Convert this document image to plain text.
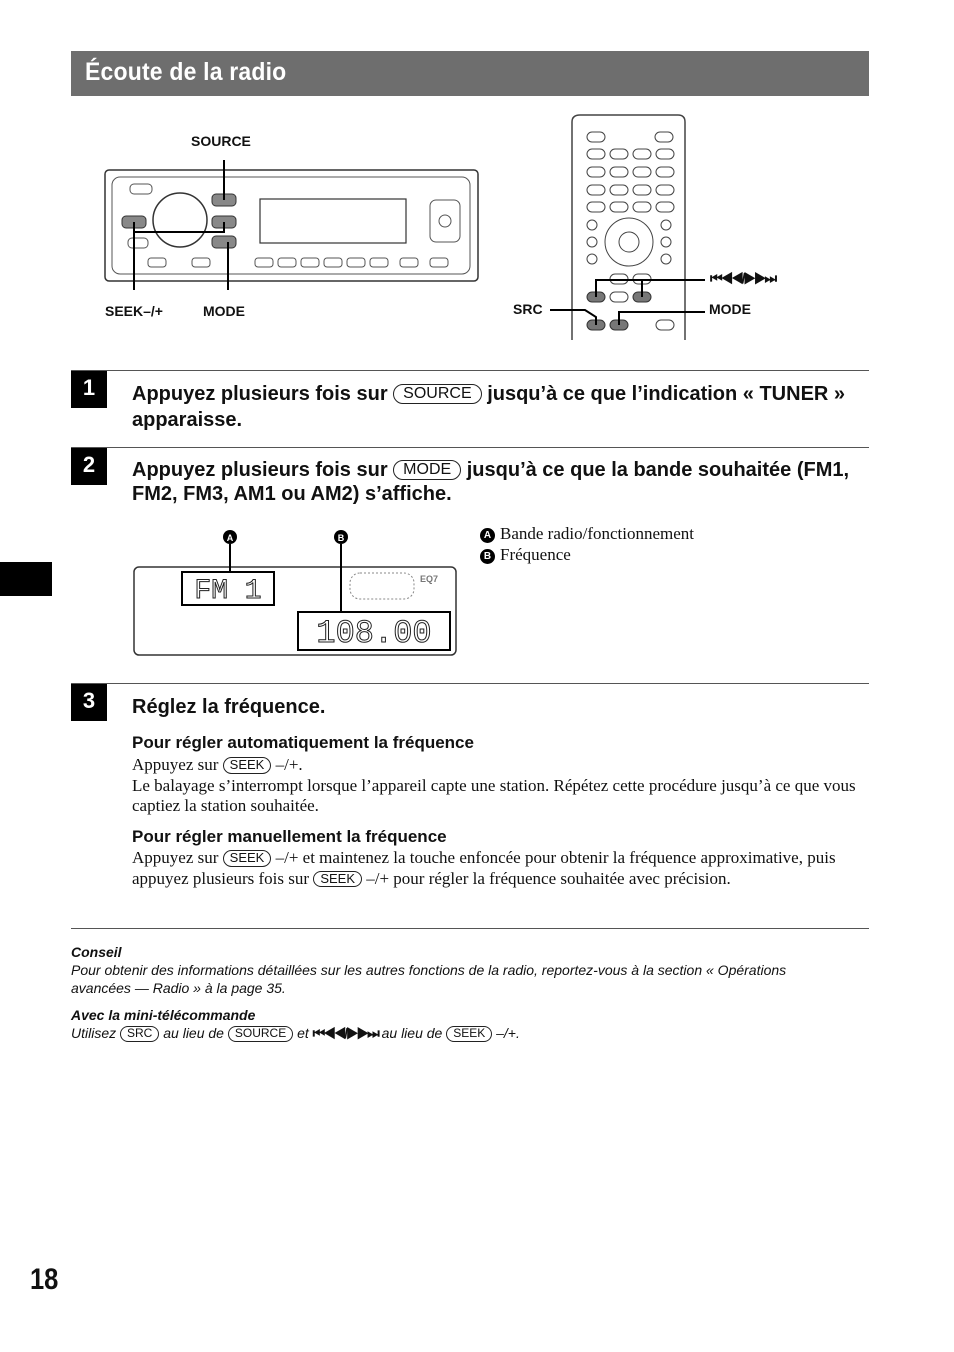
Écoute de la radio
SOURCE
SEEK–/+	MODE	SRC	MODE
⏮◀◀/▶▶⏭
1	Appuyez plusieurs fois sur SOURCE jusqu’à ce que l’indication « TUNER » apparaisse.
2	Appuyez plusieurs fois sur MODE jusqu’à ce que la bande souhaitée (FM1, FM2, FM3, AM1 ou AM2) s’affiche.
FM 1
108.00
EQ7
A	B	A Bande radio/fonctionnement
B Fréquence
3	Réglez la fréquence.
Pour régler automatiquement la fréquence
Appuyez sur SEEK –/+.
Le balayage s’interrompt lorsque l’appareil capte une station. Répétez cette procédure jusqu’à ce que vous captiez la station souhaitée.
Pour régler manuellement la fréquence
Appuyez sur SEEK –/+ et maintenez la touche enfoncée pour obtenir la fréquence approximative, puis appuyez plusieurs fois sur SEEK –/+ pour régler la fréquence souhaitée avec précision.
Conseil
Pour obtenir des informations détaillées sur les autres fonctions de la radio, reportez-vous à la section « Opérations avancées — Radio » à la page 35.
Avec la mini-télécommande
Utilisez SRC au lieu de SOURCE et ⏮◀◀/▶▶⏭ au lieu de SEEK –/+.
18
